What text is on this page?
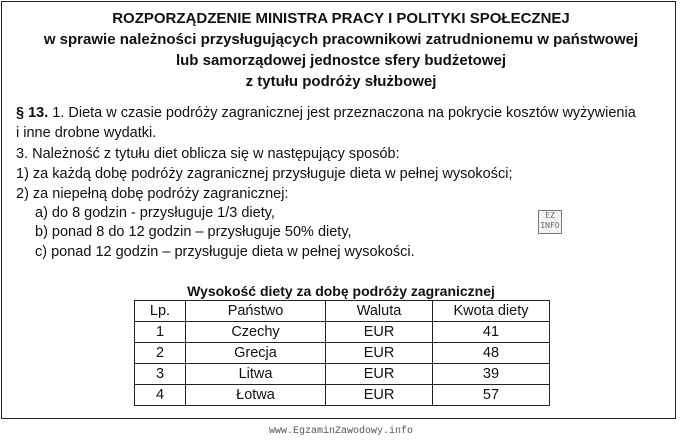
ROZPORZĄDZENIE MINISTRA PRACY I POLITYKI SPOŁECZNEJ

w sprawie należności przysługujących pracownikowi zatrudnionemu w państwowej

lub samorządowej jednostce sfery budżetowej

z tytułu podróży służbowej

§ 13. 1. Dieta w czasie podróży zagranicznej jest przeznaczona na pokrycie kosztów wyżywienia

i inne drobne wydatki.

3. Należność z tytułu diet oblicza się w następujący sposób:

1) za każdą dobę podróży zagranicznej przysługuje dieta w pełnej wysokości;

2) za niepełną dobę podróży zagranicznej:

a) do 8 godzin - przysługuje 1/3 diety,

b) ponad 8 do 12 godzin – przysługuje 50% diety,

c) ponad 12 godzin – przysługuje dieta w pełnej wysokości.

EZ INFO

Wysokość diety za dobę podróży zagranicznej

Lp.	Państwo	Waluta	Kwota diety
1	Czechy	EUR	41
2	Grecja	EUR	48
3	Litwa	EUR	39
4	Łotwa	EUR	57

www.EgzaminZawodowy.info
